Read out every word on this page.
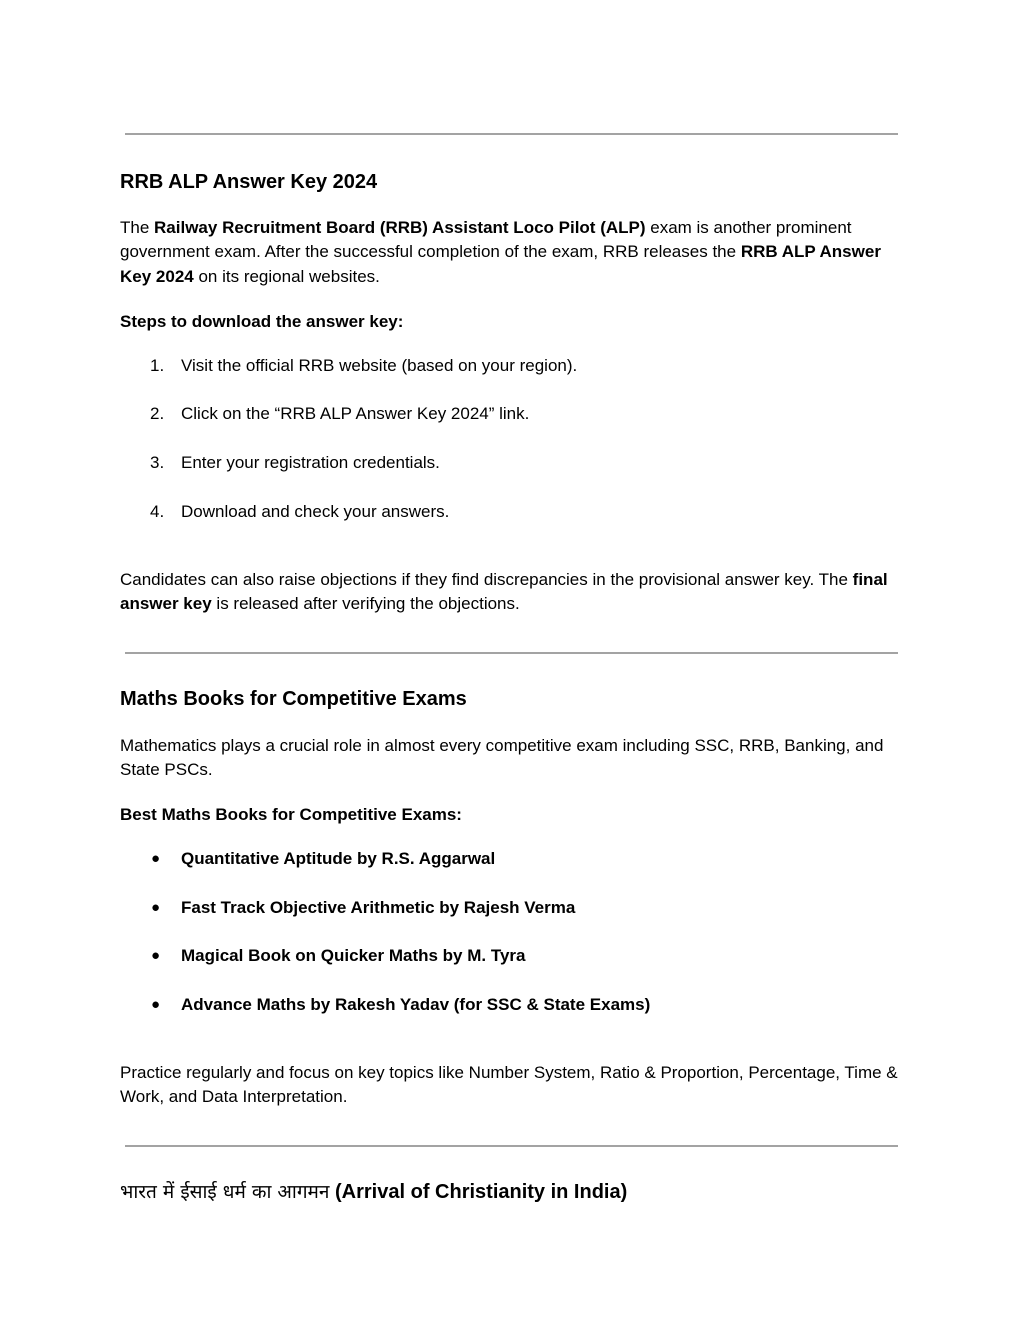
RRB ALP Answer Key 2024
The Railway Recruitment Board (RRB) Assistant Loco Pilot (ALP) exam is another prominent government exam. After the successful completion of the exam, RRB releases the RRB ALP Answer Key 2024 on its regional websites.
Steps to download the answer key:
1. Visit the official RRB website (based on your region).
2. Click on the “RRB ALP Answer Key 2024” link.
3. Enter your registration credentials.
4. Download and check your answers.
Candidates can also raise objections if they find discrepancies in the provisional answer key. The final answer key is released after verifying the objections.
Maths Books for Competitive Exams
Mathematics plays a crucial role in almost every competitive exam including SSC, RRB, Banking, and State PSCs.
Best Maths Books for Competitive Exams:
● Quantitative Aptitude by R.S. Aggarwal
● Fast Track Objective Arithmetic by Rajesh Verma
● Magical Book on Quicker Maths by M. Tyra
● Advance Maths by Rakesh Yadav (for SSC & State Exams)
Practice regularly and focus on key topics like Number System, Ratio & Proportion, Percentage, Time & Work, and Data Interpretation.
भारत में ईसाई धर्म का आगमन (Arrival of Christianity in India)
